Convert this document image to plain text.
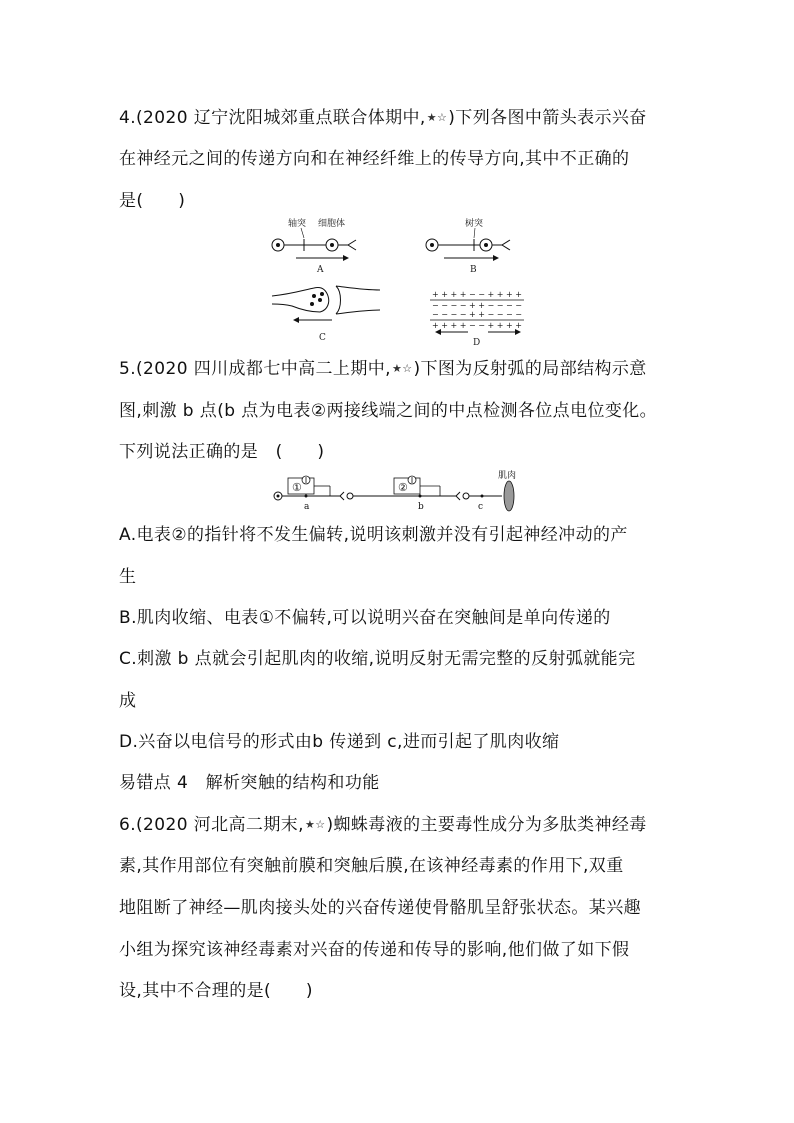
4.(2020 辽宁沈阳城郊重点联合体期中,★☆)下列各图中箭头表示兴奋
在神经元之间的传递方向和在神经纤维上的传导方向,其中不正确的
是(　　)
轴突 细胞体
A
树突
B
C
+ + + + − − + + + +
− − − − + + − − − −
− − − − + + − − − −
+ + + + − − + + + +
D
5.(2020 四川成都七中高二上期中,★☆)下图为反射弧的局部结构示意
图,刺激 b 点(b 点为电表②两接线端之间的中点检测各位点电位变化。
下列说法正确的是　(　　)
①
a
②
b	c
肌肉
A.电表②的指针将不发生偏转,说明该刺激并没有引起神经冲动的产
生
B.肌肉收缩、电表①不偏转,可以说明兴奋在突触间是单向传递的
C.刺激 b 点就会引起肌肉的收缩,说明反射无需完整的反射弧就能完
成
D.兴奋以电信号的形式由b 传递到 c,进而引起了肌肉收缩
易错点 4　解析突触的结构和功能
6.(2020 河北高二期末,★☆)蜘蛛毒液的主要毒性成分为多肽类神经毒
素,其作用部位有突触前膜和突触后膜,在该神经毒素的作用下,双重
地阻断了神经—肌肉接头处的兴奋传递使骨骼肌呈舒张状态。某兴趣
小组为探究该神经毒素对兴奋的传递和传导的影响,他们做了如下假
设,其中不合理的是(　　)
